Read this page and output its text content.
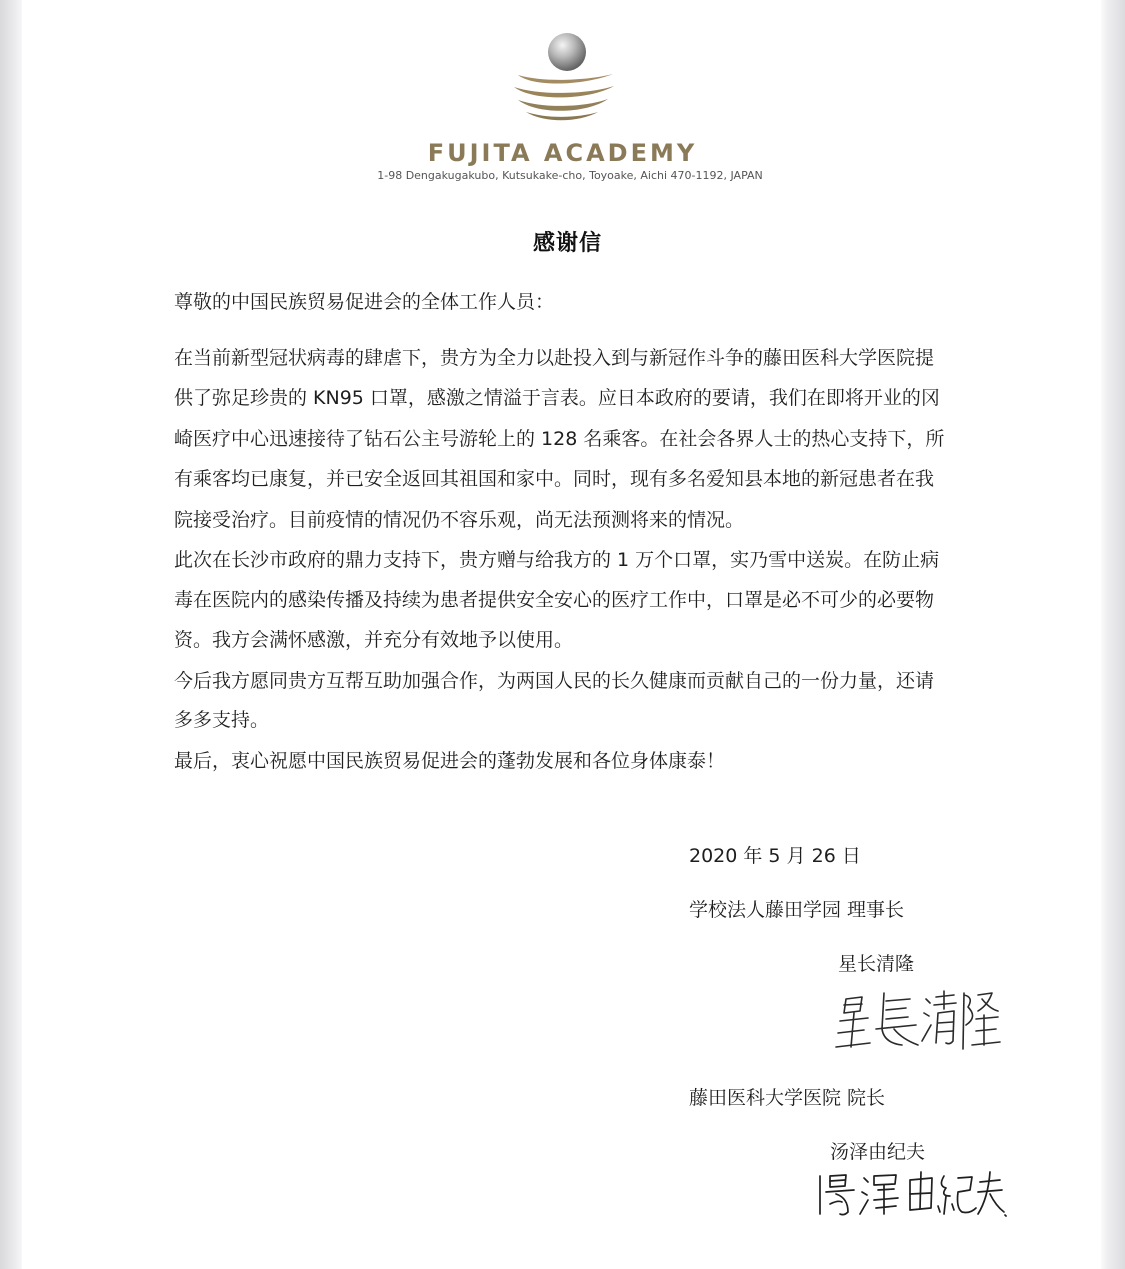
FUJITA ACADEMY
1-98 Dengakugakubo, Kutsukake-cho, Toyoake, Aichi 470-1192, JAPAN
感谢信
尊敬的中国民族贸易促进会的全体工作人员：
在当前新型冠状病毒的肆虐下，贵方为全力以赴投入到与新冠作斗争的藤田医科大学医院提
供了弥足珍贵的 KN95 口罩，感激之情溢于言表。应日本政府的要请，我们在即将开业的冈
崎医疗中心迅速接待了钻石公主号游轮上的 128 名乘客。在社会各界人士的热心支持下，所
有乘客均已康复，并已安全返回其祖国和家中。同时，现有多名爱知县本地的新冠患者在我
院接受治疗。目前疫情的情况仍不容乐观，尚无法预测将来的情况。
此次在长沙市政府的鼎力支持下，贵方赠与给我方的 1 万个口罩，实乃雪中送炭。在防止病
毒在医院内的感染传播及持续为患者提供安全安心的医疗工作中，口罩是必不可少的必要物
资。我方会满怀感激，并充分有效地予以使用。
今后我方愿同贵方互帮互助加强合作，为两国人民的长久健康而贡献自己的一份力量，还请
多多支持。
最后，衷心祝愿中国民族贸易促进会的蓬勃发展和各位身体康泰！
2020 年 5 月 26 日
学校法人藤田学园 理事长
星长清隆
藤田医科大学医院 院长
汤泽由纪夫
